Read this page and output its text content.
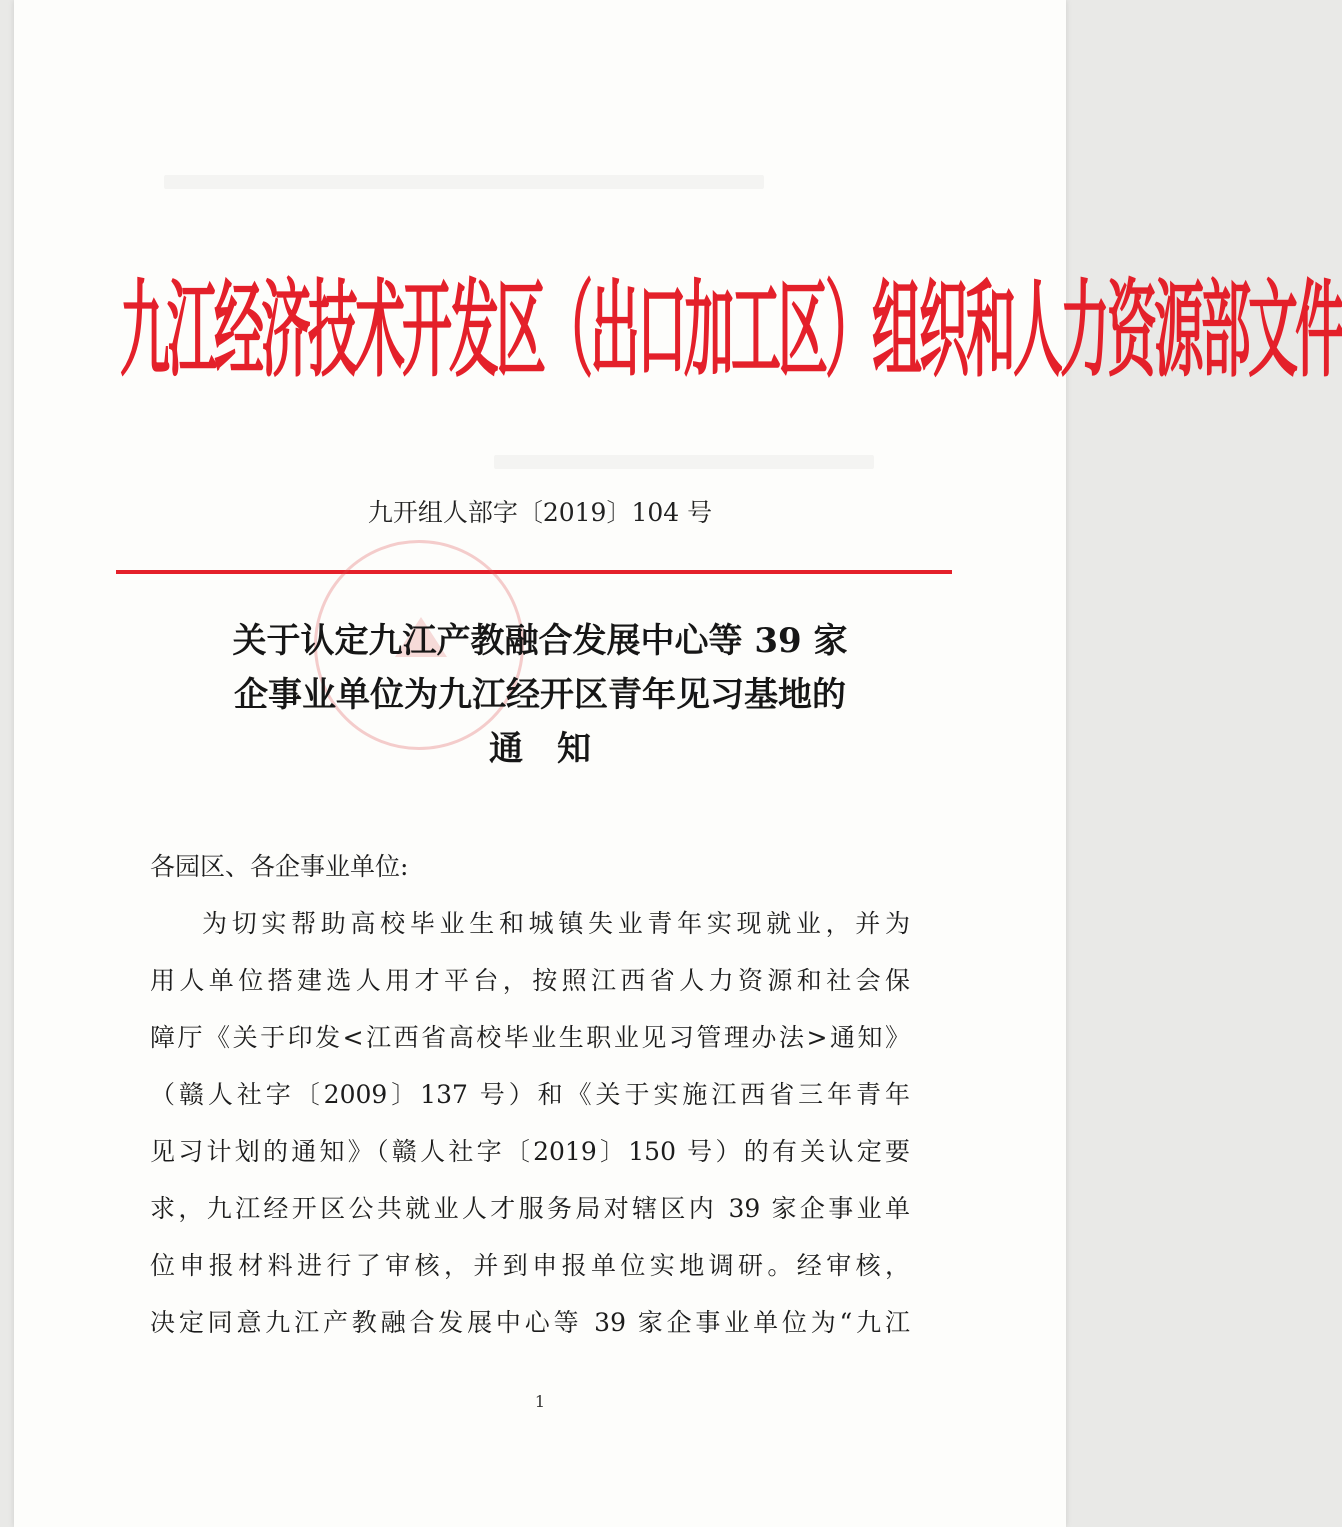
九江经济技术开发区（出口加工区）组织和人力资源部文件
九开组人部字〔2019〕104 号
关于认定九江产教融合发展中心等 39 家
企事业单位为九江经开区青年见习基地的
通知
各园区、各企事业单位:
为切实帮助高校毕业生和城镇失业青年实现就业，并为
用人单位搭建选人用才平台，按照江西省人力资源和社会保
障厅《关于印发<江西省高校毕业生职业见习管理办法>通知》
（赣人社字〔2009〕137 号）和《关于实施江西省三年青年
见习计划的通知》（赣人社字〔2019〕150 号）的有关认定要
求，九江经开区公共就业人才服务局对辖区内 39 家企事业单
位申报材料进行了审核，并到申报单位实地调研。经审核，
决定同意九江产教融合发展中心等 39 家企事业单位为“九江
1
